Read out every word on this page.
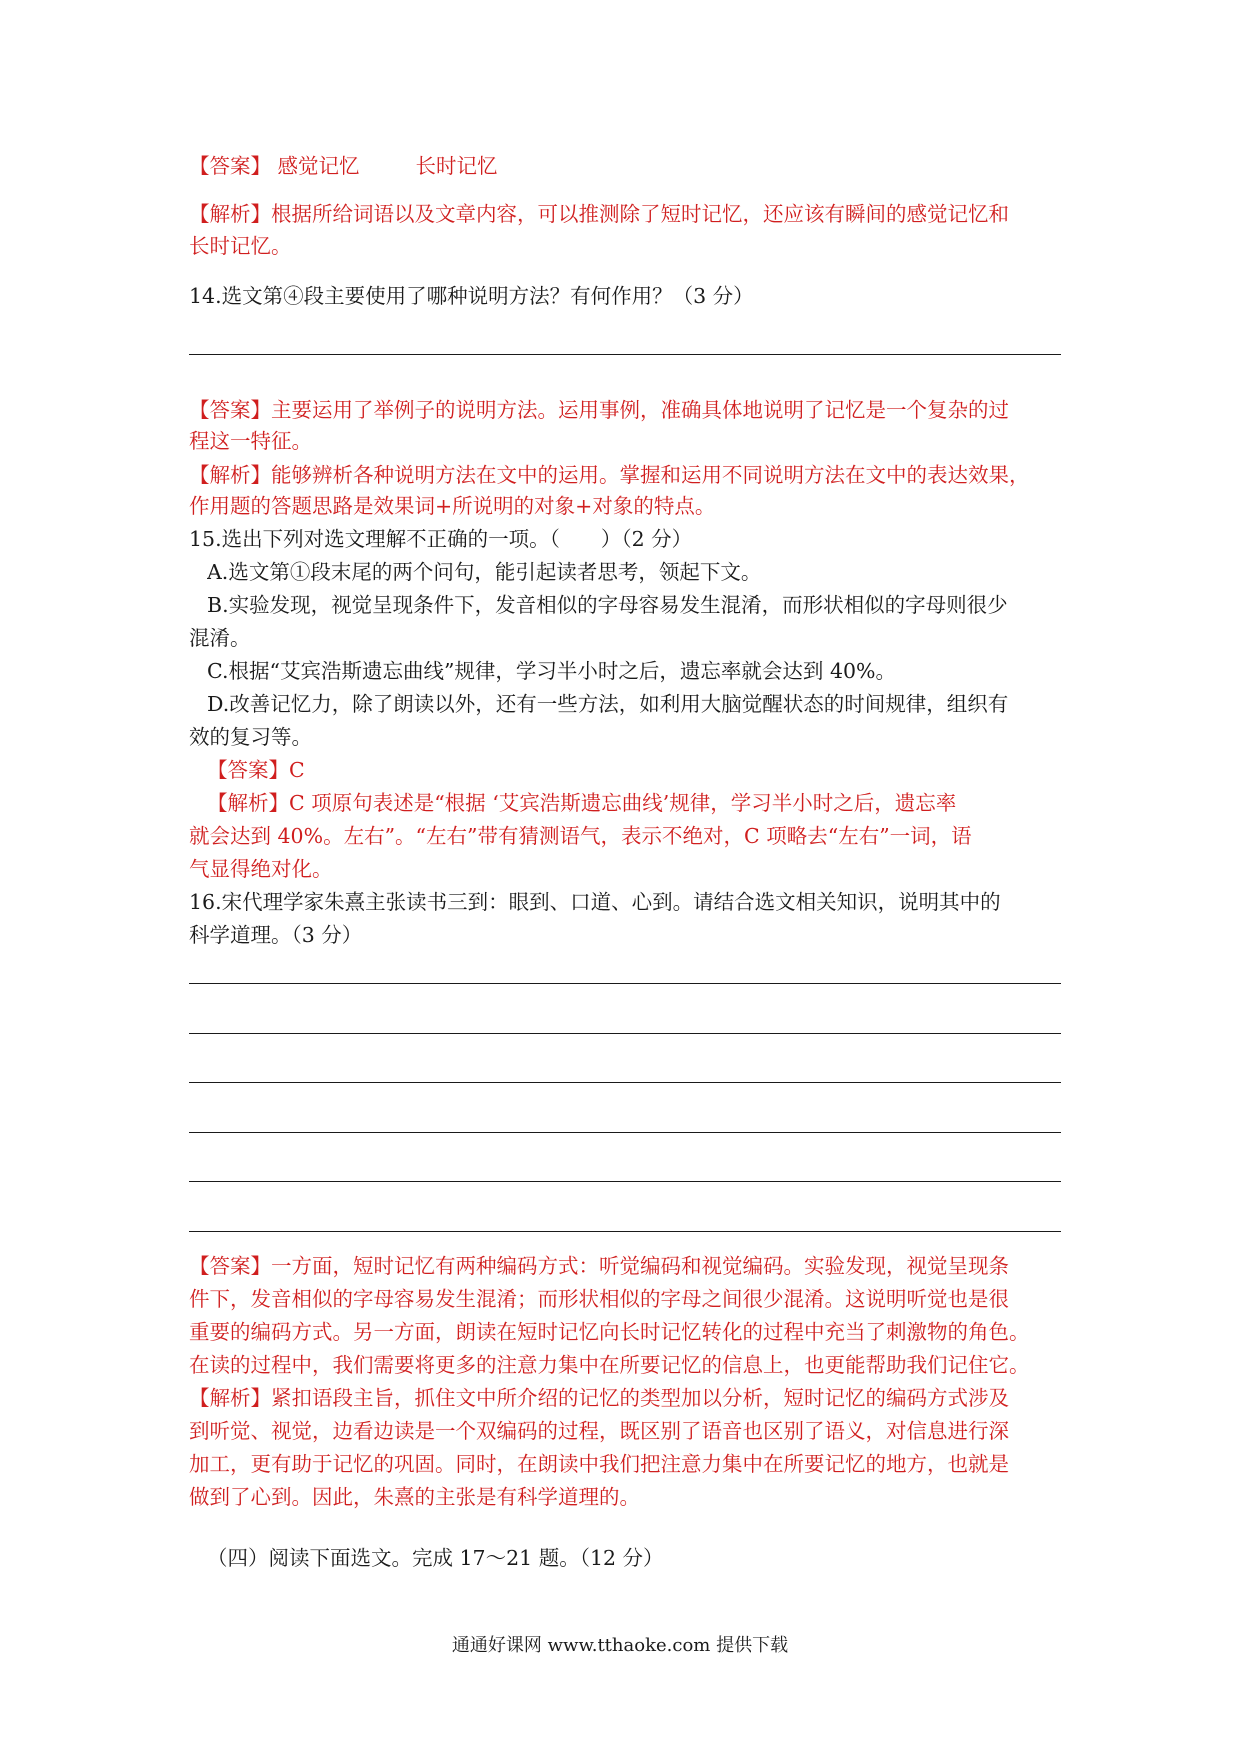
【答案】 感觉记忆	长时记忆
【解析】根据所给词语以及文章内容，可以推测除了短时记忆，还应该有瞬间的感觉记忆和
长时记忆。
14.选文第④段主要使用了哪种说明方法？有何作用？（3 分）
【答案】主要运用了举例子的说明方法。运用事例，准确具体地说明了记忆是一个复杂的过
程这一特征。
【解析】能够辨析各种说明方法在文中的运用。掌握和运用不同说明方法在文中的表达效果，
作用题的答题思路是效果词+所说明的对象+对象的特点。
15.选出下列对选文理解不正确的一项。（　　）（2 分）
A.选文第①段末尾的两个问句，能引起读者思考，领起下文。
B.实验发现，视觉呈现条件下，发音相似的字母容易发生混淆，而形状相似的字母则很少
混淆。
C.根据“艾宾浩斯遗忘曲线”规律，学习半小时之后，遗忘率就会达到 40%。
D.改善记忆力，除了朗读以外，还有一些方法，如利用大脑觉醒状态的时间规律，组织有
效的复习等。
【答案】C
【解析】C 项原句表述是“根据 ‘艾宾浩斯遗忘曲线’规律，学习半小时之后，遗忘率
就会达到 40%。左右”。“左右”带有猜测语气，表示不绝对，C 项略去“左右”一词，语
气显得绝对化。
16.宋代理学家朱熹主张读书三到：眼到、口道、心到。请结合选文相关知识，说明其中的
科学道理。（3 分）
【答案】一方面，短时记忆有两种编码方式：听觉编码和视觉编码。实验发现，视觉呈现条
件下，发音相似的字母容易发生混淆；而形状相似的字母之间很少混淆。这说明听觉也是很
重要的编码方式。另一方面，朗读在短时记忆向长时记忆转化的过程中充当了刺激物的角色。
在读的过程中，我们需要将更多的注意力集中在所要记忆的信息上，也更能帮助我们记住它。
【解析】紧扣语段主旨，抓住文中所介绍的记忆的类型加以分析，短时记忆的编码方式涉及
到听觉、视觉，边看边读是一个双编码的过程，既区别了语音也区别了语义，对信息进行深
加工，更有助于记忆的巩固。同时，在朗读中我们把注意力集中在所要记忆的地方，也就是
做到了心到。因此，朱熹的主张是有科学道理的。
（四）阅读下面选文。完成 17～21 题。（12 分）
通通好课网 www.tthaoke.com 提供下载
